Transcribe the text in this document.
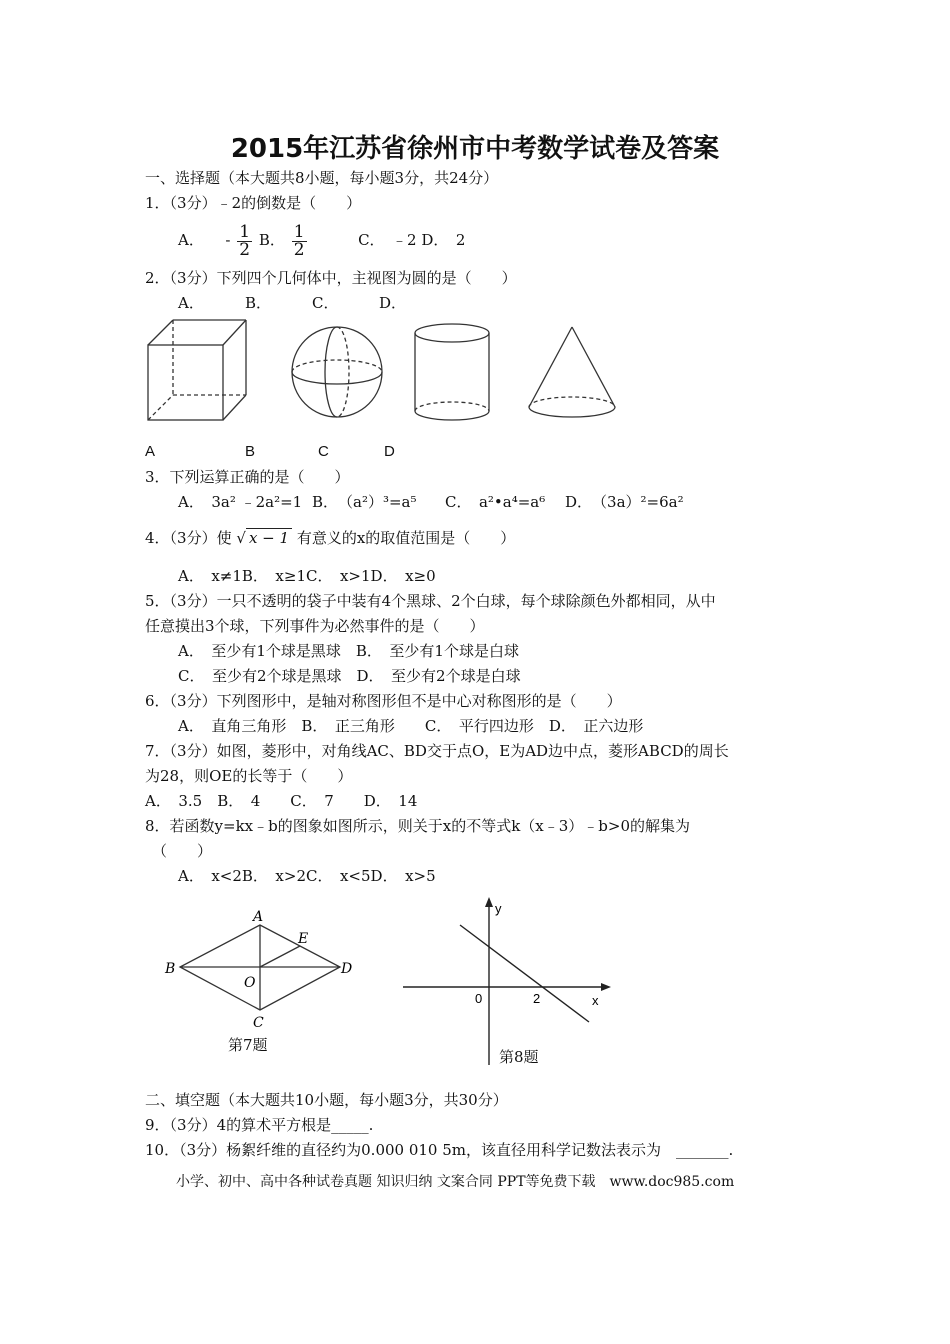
2015年江苏省徐州市中考数学试卷及答案
一、选择题（本大题共8小题，每小题3分，共24分）
1．（3分）﹣2的倒数是（　　）
A． - $\frac{1}{2}$ B． $\frac{1}{2}$	C．　﹣2 D．　2
2．（3分）下列四个几何体中，主视图为圆的是（　　）
A．	B．	C．	D．
A	B	C	D
3．下列运算正确的是（　　）
A．　3a² ﹣2a²=1 B．　（a²）³=a⁵ C．　a²•a⁴=a⁶ D．　（3a）²=6a²
4．（3分）使 √ x − 1 有意义的x的取值范围是（　　）
A．　x≠1B．　x≥1C．　x>1D．　x≥0
5．（3分）一只不透明的袋子中装有4个黑球、2个白球，每个球除颜色外都相同，从中
任意摸出3个球，下列事件为必然事件的是（　　）
A．　至少有1个球是黑球　B．　至少有1个球是白球
C．　至少有2个球是黑球　D．　至少有2个球是白球
6．（3分）下列图形中，是轴对称图形但不是中心对称图形的是（　　）
A．　直角三角形　B．　正三角形　　C．　平行四边形　D．　正六边形
7．（3分）如图，菱形中，对角线AC、BD交于点O，E为AD边中点，菱形ABCD的周长
为28，则OE的长等于（　　）
A．　3.5　B．　4　　C．　7　　D．　14
8．若函数y=kx﹣b的图象如图所示，则关于x的不等式k（x﹣3）﹣b>0的解集为
（　　）
A．　x<2B．　x>2C．　x<5D．　x>5
A
B
C
D
E
O
第7题
y
x
0	2
第8题
二、填空题（本大题共10小题，每小题3分，共30分）
9．（3分）4的算术平方根是_____.
10．（3分）杨絮纤维的直径约为0.000 010 5m，该直径用科学记数法表示为　_______.
小学、初中、高中各种试卷真题 知识归纳 文案合同 PPT等免费下载　www.doc985.com
